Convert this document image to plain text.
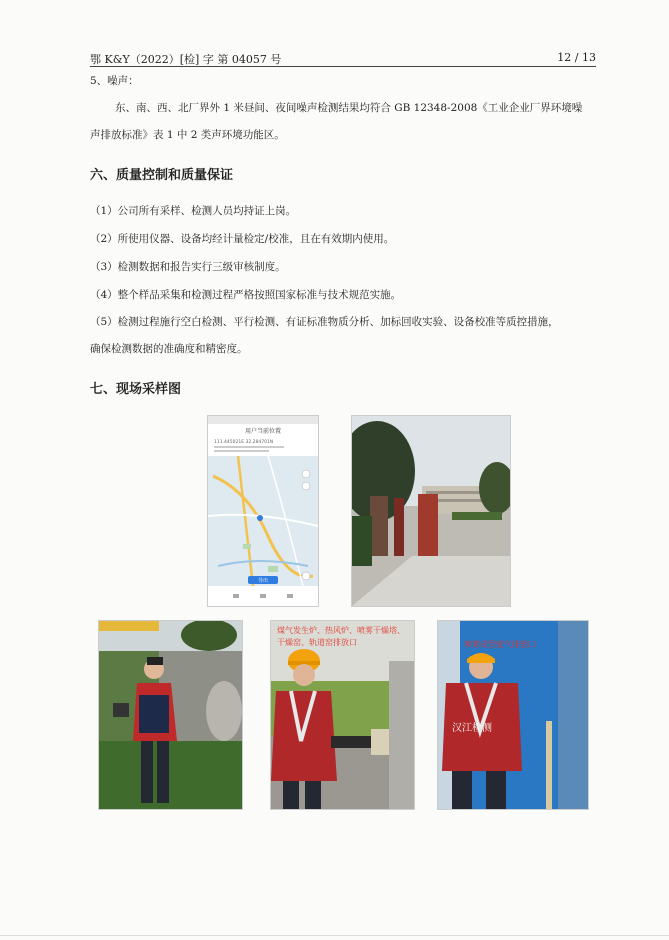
鄂 K&Y（2022）[检] 字 第 04057 号	12 / 13
5、噪声：
东、南、西、北厂界外 1 米昼间、夜间噪声检测结果均符合 GB 12348-2008《工业企业厂界环境噪
声排放标准》表 1 中 2 类声环境功能区。
六、质量控制和质量保证
（1）公司所有采样、检测人员均持证上岗。
（2）所使用仪器、设备均经计量检定/校准，且在有效期内使用。
（3）检测数据和报告实行三级审核制度。
（4）整个样品采集和检测过程严格按照国家标准与技术规范实施。
（5）检测过程施行空白检测、平行检测、有证标准物质分析、加标回收实验、设备校准等质控措施，
确保检测数据的准确度和精密度。
七、现场采样图
用户当前位置
111.445021E 32.284701N
导出
煤气发生炉、热风炉、喷雾干燥塔、
干燥窑、轨道窑排放口	喷雾成型废气排放口
汉江检测
